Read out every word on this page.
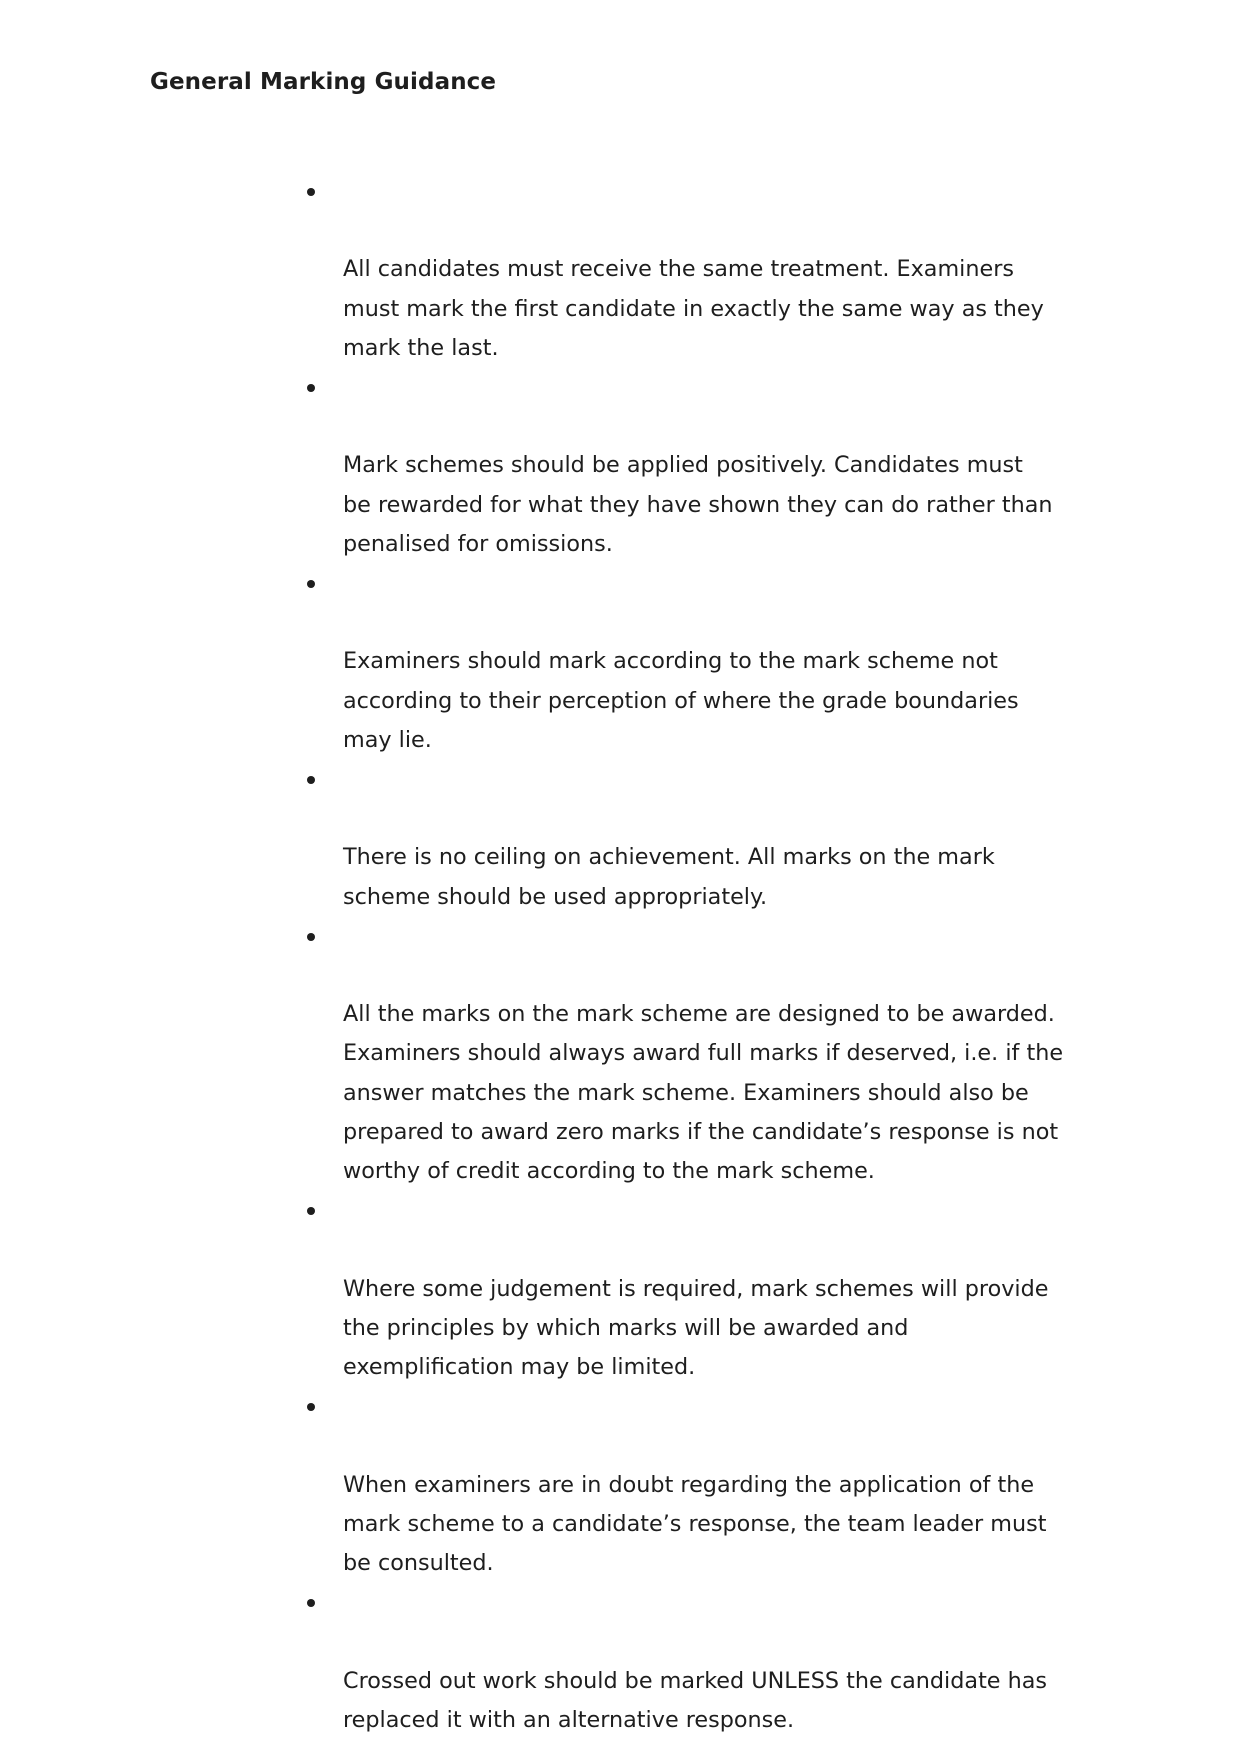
General Marking Guidance

All candidates must receive the same treatment. Examiners
must mark the first candidate in exactly the same way as they
mark the last.

Mark schemes should be applied positively. Candidates must
be rewarded for what they have shown they can do rather than
penalised for omissions.

Examiners should mark according to the mark scheme not
according to their perception of where the grade boundaries
may lie.

There is no ceiling on achievement. All marks on the mark
scheme should be used appropriately.

All the marks on the mark scheme are designed to be awarded.
Examiners should always award full marks if deserved, i.e. if the
answer matches the mark scheme. Examiners should also be
prepared to award zero marks if the candidate’s response is not
worthy of credit according to the mark scheme.

Where some judgement is required, mark schemes will provide
the principles by which marks will be awarded and
exemplification may be limited.

When examiners are in doubt regarding the application of the
mark scheme to a candidate’s response, the team leader must
be consulted.

Crossed out work should be marked UNLESS the candidate has
replaced it with an alternative response.
